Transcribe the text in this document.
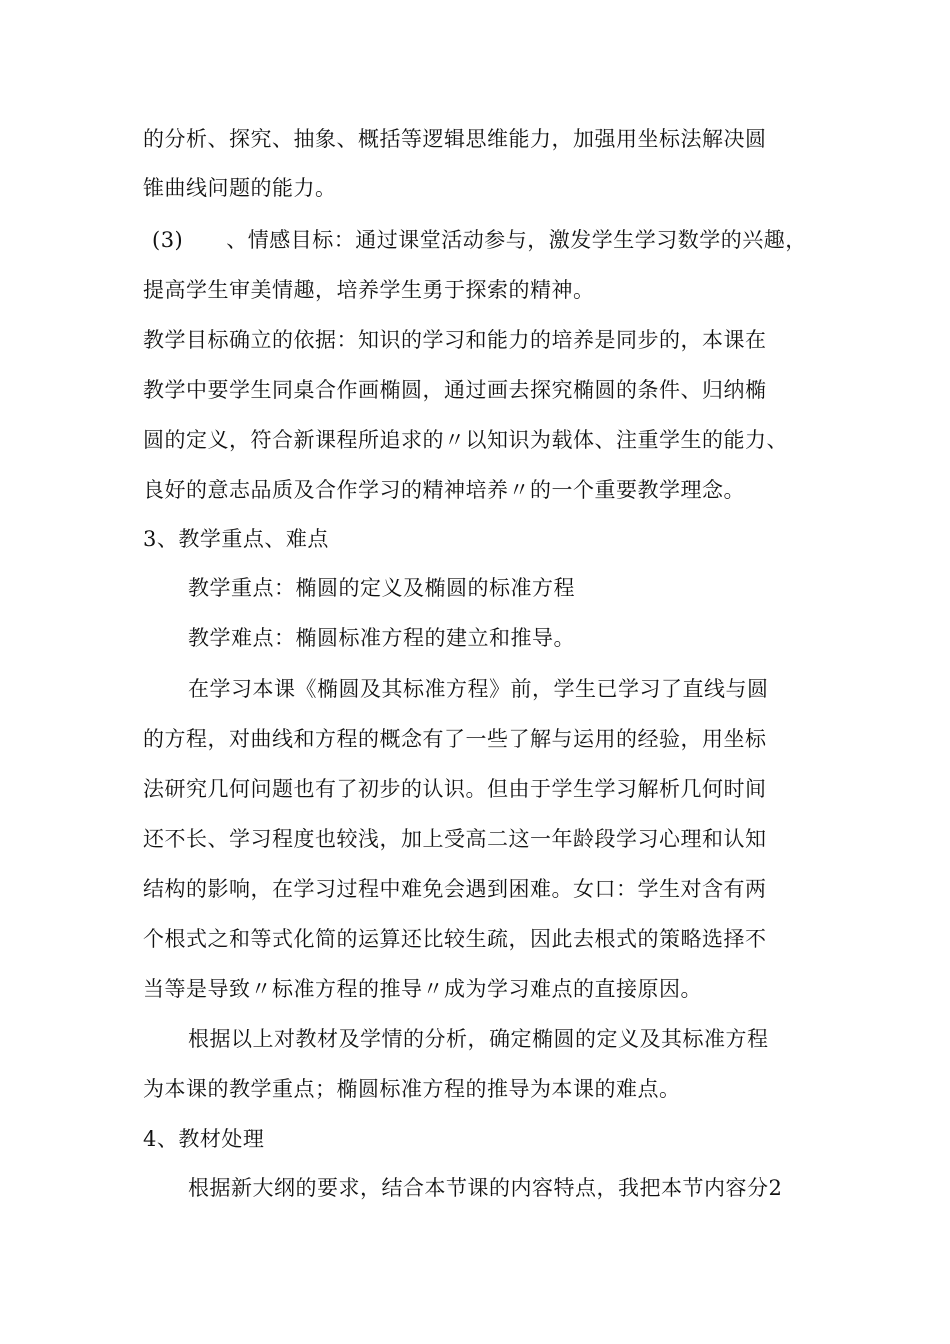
的分析、探究、抽象、概括等逻辑思维能力，加强用坐标法解决圆
锥曲线问题的能力。
(3)　　、情感目标：通过课堂活动参与，激发学生学习数学的兴趣，
提高学生审美情趣，培养学生勇于探索的精神。
教学目标确立的依据：知识的学习和能力的培养是同步的，本课在
教学中要学生同桌合作画椭圆，通过画去探究椭圆的条件、归纳椭
圆的定义，符合新课程所追求的〃以知识为载体、注重学生的能力、
良好的意志品质及合作学习的精神培养〃的一个重要教学理念。
3、教学重点、难点
教学重点：椭圆的定义及椭圆的标准方程
教学难点：椭圆标准方程的建立和推导。
在学习本课《椭圆及其标准方程》前，学生已学习了直线与圆
的方程，对曲线和方程的概念有了一些了解与运用的经验，用坐标
法研究几何问题也有了初步的认识。但由于学生学习解析几何时间
还不长、学习程度也较浅，加上受高二这一年龄段学习心理和认知
结构的影响，在学习过程中难免会遇到困难。女口：学生对含有两
个根式之和等式化简的运算还比较生疏，因此去根式的策略选择不
当等是导致〃标准方程的推导〃成为学习难点的直接原因。
根据以上对教材及学情的分析，确定椭圆的定义及其标准方程
为本课的教学重点；椭圆标准方程的推导为本课的难点。
4、教材处理
根据新大纲的要求，结合本节课的内容特点，我把本节内容分2
